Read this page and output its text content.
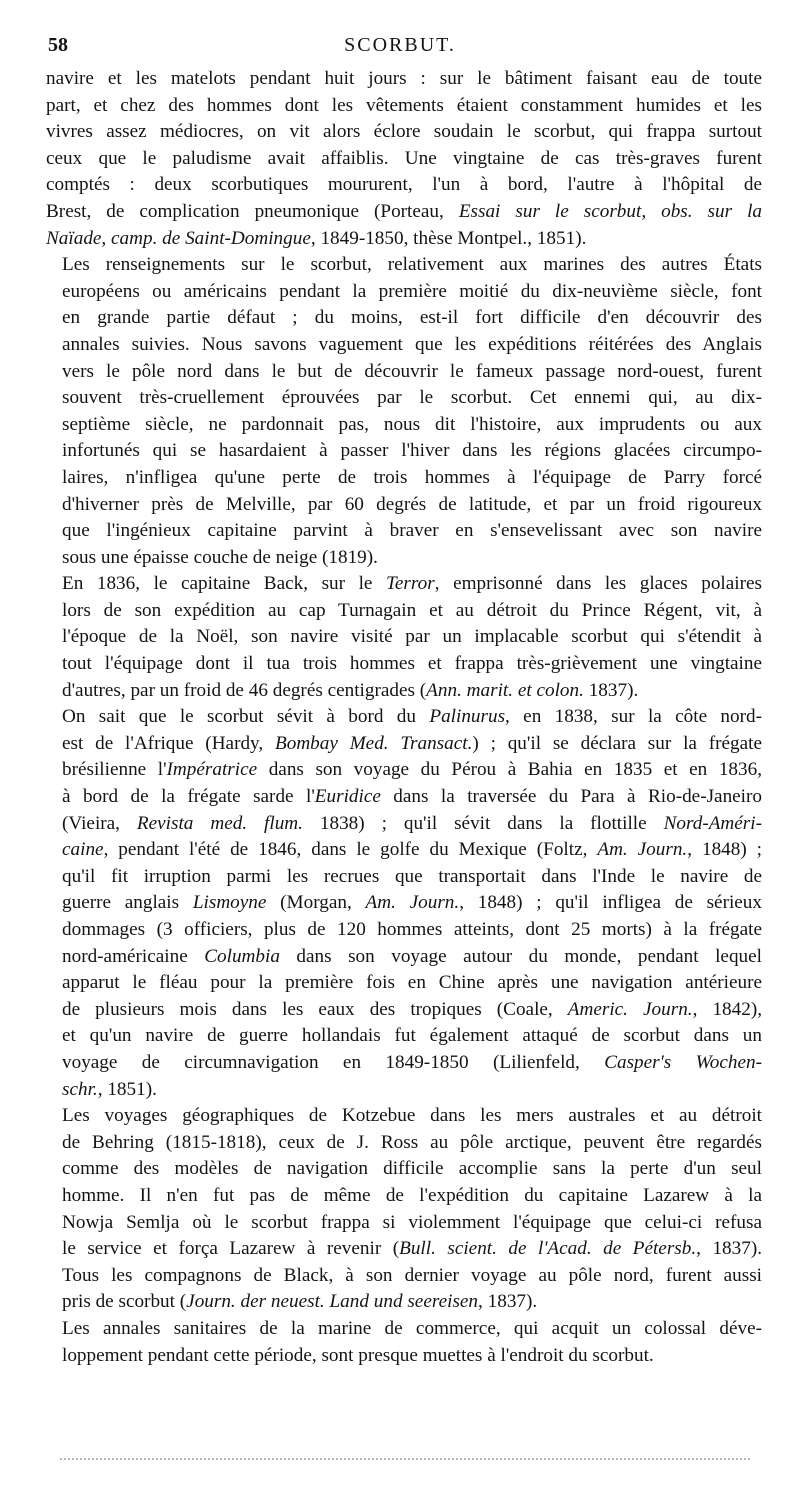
58	SCORBUT.
navire et les matelots pendant huit jours : sur le bâtiment faisant eau de toute
part, et chez des hommes dont les vêtements étaient constamment humides et les
vivres assez médiocres, on vit alors éclore soudain le scorbut, qui frappa surtout
ceux que le paludisme avait affaiblis. Une vingtaine de cas très-graves furent
comptés : deux scorbutiques moururent, l'un à bord, l'autre à l'hôpital de
Brest, de complication pneumonique (Porteau, Essai sur le scorbut, obs. sur la
Naïade, camp. de Saint-Domingue, 1849-1850, thèse Montpel., 1851).
Les renseignements sur le scorbut, relativement aux marines des autres États
européens ou américains pendant la première moitié du dix-neuvième siècle, font
en grande partie défaut ; du moins, est-il fort difficile d'en découvrir des
annales suivies. Nous savons vaguement que les expéditions réitérées des Anglais
vers le pôle nord dans le but de découvrir le fameux passage nord-ouest, furent
souvent très-cruellement éprouvées par le scorbut. Cet ennemi qui, au dix-
septième siècle, ne pardonnait pas, nous dit l'histoire, aux imprudents ou aux
infortunés qui se hasardaient à passer l'hiver dans les régions glacées circumpo-
laires, n'infligea qu'une perte de trois hommes à l'équipage de Parry forcé
d'hiverner près de Melville, par 60 degrés de latitude, et par un froid rigoureux
que l'ingénieux capitaine parvint à braver en s'ensevelissant avec son navire
sous une épaisse couche de neige (1819).
En 1836, le capitaine Back, sur le Terror, emprisonné dans les glaces polaires
lors de son expédition au cap Turnagain et au détroit du Prince Régent, vit, à
l'époque de la Noël, son navire visité par un implacable scorbut qui s'étendit à
tout l'équipage dont il tua trois hommes et frappa très-grièvement une vingtaine
d'autres, par un froid de 46 degrés centigrades (Ann. marit. et colon. 1837).
On sait que le scorbut sévit à bord du Palinurus, en 1838, sur la côte nord-
est de l'Afrique (Hardy, Bombay Med. Transact.) ; qu'il se déclara sur la frégate
brésilienne l'Impératrice dans son voyage du Pérou à Bahia en 1835 et en 1836,
à bord de la frégate sarde l'Euridice dans la traversée du Para à Rio-de-Janeiro
(Vieira, Revista med. flum. 1838) ; qu'il sévit dans la flottille Nord-Améri-
caine, pendant l'été de 1846, dans le golfe du Mexique (Foltz, Am. Journ., 1848) ;
qu'il fit irruption parmi les recrues que transportait dans l'Inde le navire de
guerre anglais Lismoyne (Morgan, Am. Journ., 1848) ; qu'il infligea de sérieux
dommages (3 officiers, plus de 120 hommes atteints, dont 25 morts) à la frégate
nord-américaine Columbia dans son voyage autour du monde, pendant lequel
apparut le fléau pour la première fois en Chine après une navigation antérieure
de plusieurs mois dans les eaux des tropiques (Coale, Americ. Journ., 1842),
et qu'un navire de guerre hollandais fut également attaqué de scorbut dans un
voyage de circumnavigation en 1849-1850 (Lilienfeld, Casper's Wochen-
schr., 1851).
Les voyages géographiques de Kotzebue dans les mers australes et au détroit
de Behring (1815-1818), ceux de J. Ross au pôle arctique, peuvent être regardés
comme des modèles de navigation difficile accomplie sans la perte d'un seul
homme. Il n'en fut pas de même de l'expédition du capitaine Lazarew à la
Nowja Semlja où le scorbut frappa si violemment l'équipage que celui-ci refusa
le service et força Lazarew à revenir (Bull. scient. de l'Acad. de Pétersb., 1837).
Tous les compagnons de Black, à son dernier voyage au pôle nord, furent aussi
pris de scorbut (Journ. der neuest. Land und seereisen, 1837).
Les annales sanitaires de la marine de commerce, qui acquit un colossal déve-
loppement pendant cette période, sont presque muettes à l'endroit du scorbut.
